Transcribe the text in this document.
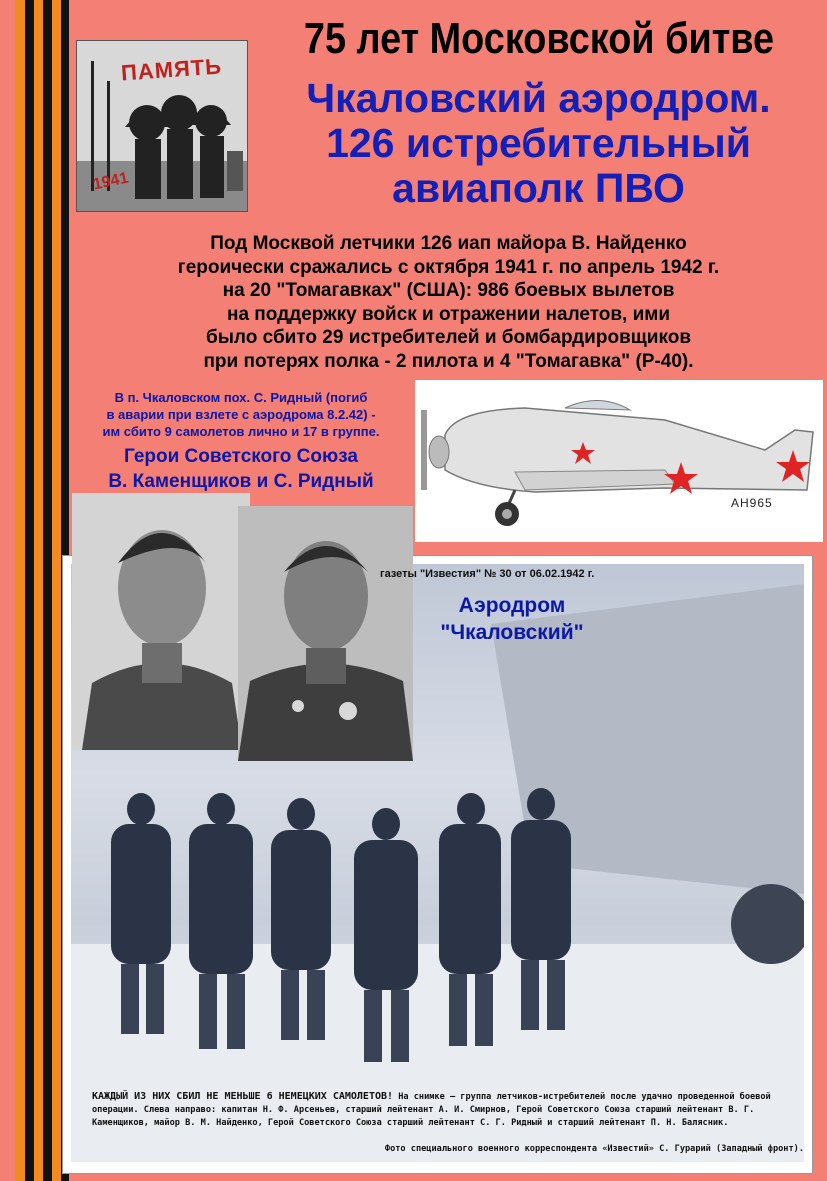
ПАМЯТЬ
1941
75 лет Московской битве
Чкаловский аэродром.
126 истребительный
авиаполк ПВО
Под Москвой летчики 126 иап майора В. Найденко
героически сражались с октября 1941 г. по апрель 1942 г.
на 20 "Томагавках" (США): 986 боевых вылетов
на поддержку войск и отражении налетов, ими
было сбито 29 истребителей и бомбардировщиков
при потерях полка - 2 пилота и 4 "Томагавка" (Р-40).
В п. Чкаловском пох. С. Ридный (погиб
в аварии при взлете с аэродрома 8.2.42) -
им сбито 9 самолетов лично и 17 в группе.
Герои Советского Союза
В. Каменщиков и С. Ридный
АН965
газеты "Известия" № 30 от 06.02.1942 г.
Аэродром
"Чкаловский"
КАЖДЫЙ ИЗ НИХ СБИЛ НЕ МЕНЬШЕ 6 НЕМЕЦКИХ САМОЛЕТОВ! На снимке — группа летчиков-истребителей после удачно проведенной боевой операции. Слева направо: капитан Н. Ф. Арсеньев, старший лейтенант А. И. Смирнов, Герой Советского Союза старший лейтенант В. Г. Каменщиков, майор В. М. Найденко, Герой Советского Союза старший лейтенант С. Г. Ридный и старший лейтенант П. Н. Балясник.
Фото специального военного корреспондента «Известий» С. Гурарий (Западный фронт).
